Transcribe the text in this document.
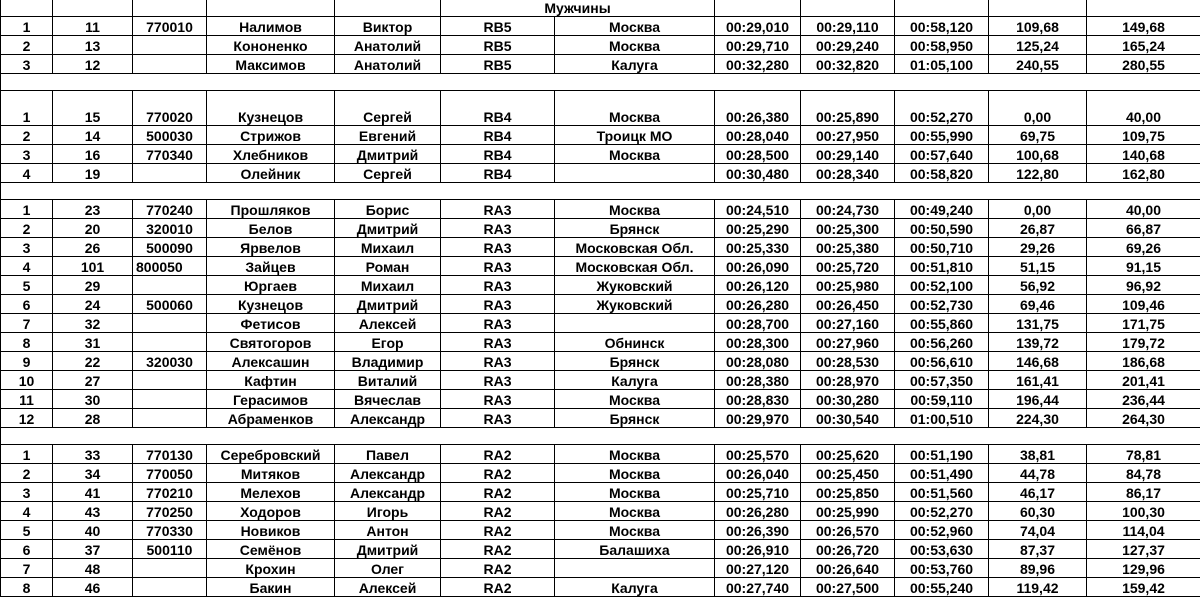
					Мужчины						
1	11	770010	Налимов	Виктор	RB5	Москва	00:29,010	00:29,110	00:58,120	109,68	149,68
2	13		Кононенко	Анатолий	RB5	Москва	00:29,710	00:29,240	00:58,950	125,24	165,24
3	12		Максимов	Анатолий	RB5	Калуга	00:32,280	00:32,820	01:05,100	240,55	280,55

1	15	770020	Кузнецов	Сергей	RB4	Москва	00:26,380	00:25,890	00:52,270	0,00	40,00
2	14	500030	Стрижов	Евгений	RB4	Троицк МО	00:28,040	00:27,950	00:55,990	69,75	109,75
3	16	770340	Хлебников	Дмитрий	RB4	Москва	00:28,500	00:29,140	00:57,640	100,68	140,68
4	19		Олейник	Сергей	RB4		00:30,480	00:28,340	00:58,820	122,80	162,80

1	23	770240	Прошляков	Борис	RA3	Москва	00:24,510	00:24,730	00:49,240	0,00	40,00
2	20	320010	Белов	Дмитрий	RA3	Брянск	00:25,290	00:25,300	00:50,590	26,87	66,87
3	26	500090	Ярвелов	Михаил	RA3	Московская Обл.	00:25,330	00:25,380	00:50,710	29,26	69,26
4	101	800050	Зайцев	Роман	RA3	Московская Обл.	00:26,090	00:25,720	00:51,810	51,15	91,15
5	29		Юргаев	Михаил	RA3	Жуковский	00:26,120	00:25,980	00:52,100	56,92	96,92
6	24	500060	Кузнецов	Дмитрий	RA3	Жуковский	00:26,280	00:26,450	00:52,730	69,46	109,46
7	32		Фетисов	Алексей	RA3		00:28,700	00:27,160	00:55,860	131,75	171,75
8	31		Святогоров	Егор	RA3	Обнинск	00:28,300	00:27,960	00:56,260	139,72	179,72
9	22	320030	Алексашин	Владимир	RA3	Брянск	00:28,080	00:28,530	00:56,610	146,68	186,68
10	27		Кафтин	Виталий	RA3	Калуга	00:28,380	00:28,970	00:57,350	161,41	201,41
11	30		Герасимов	Вячеслав	RA3	Москва	00:28,830	00:30,280	00:59,110	196,44	236,44
12	28		Абраменков	Александр	RA3	Брянск	00:29,970	00:30,540	01:00,510	224,30	264,30

1	33	770130	Серебровский	Павел	RA2	Москва	00:25,570	00:25,620	00:51,190	38,81	78,81
2	34	770050	Митяков	Александр	RA2	Москва	00:26,040	00:25,450	00:51,490	44,78	84,78
3	41	770210	Мелехов	Александр	RA2	Москва	00:25,710	00:25,850	00:51,560	46,17	86,17
4	43	770250	Ходоров	Игорь	RA2	Москва	00:26,280	00:25,990	00:52,270	60,30	100,30
5	40	770330	Новиков	Антон	RA2	Москва	00:26,390	00:26,570	00:52,960	74,04	114,04
6	37	500110	Семёнов	Дмитрий	RA2	Балашиха	00:26,910	00:26,720	00:53,630	87,37	127,37
7	48		Крохин	Олег	RA2		00:27,120	00:26,640	00:53,760	89,96	129,96
8	46		Бакин	Алексей	RA2	Калуга	00:27,740	00:27,500	00:55,240	119,42	159,42
